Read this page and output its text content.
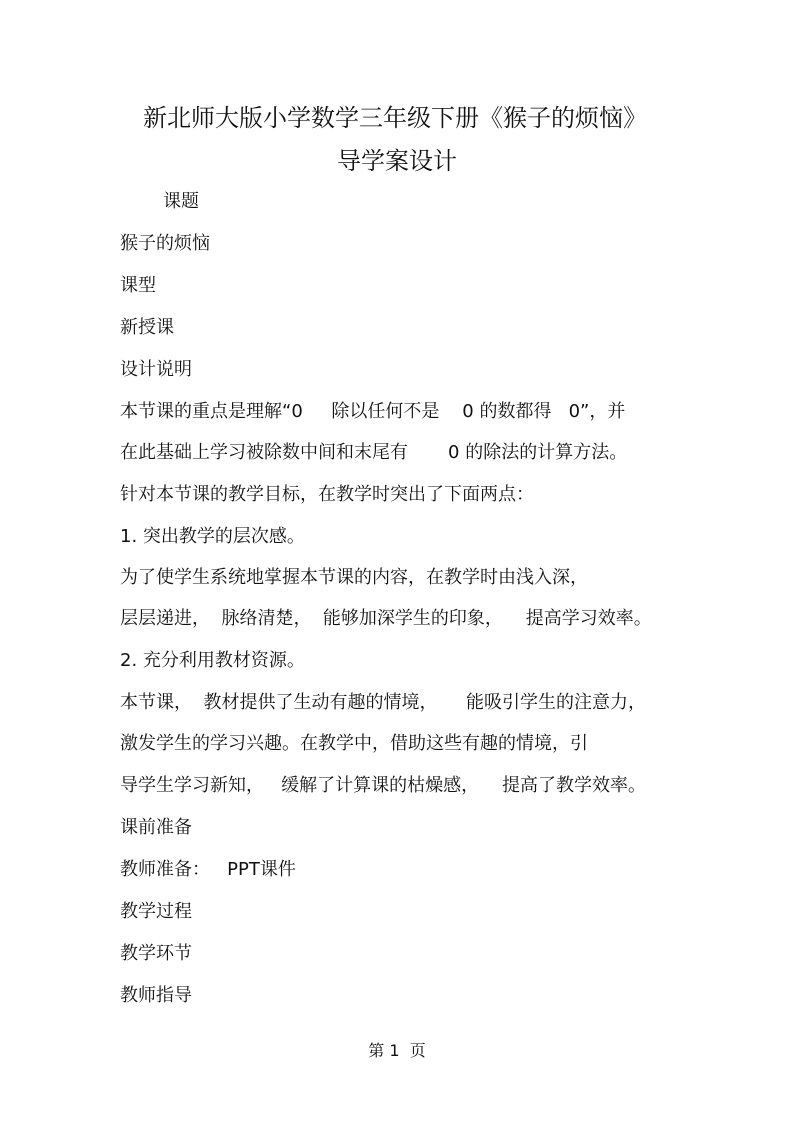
新北师大版小学数学三年级下册《猴子的烦恼》
导学案设计
课题
猴子的烦恼
课型
新授课
设计说明
本节课的重点是理解“0     除以任何不是    0 的数都得   0”，并
在此基础上学习被除数中间和末尾有       0 的除法的计算方法。
针对本节课的教学目标，在教学时突出了下面两点：
1. 突出教学的层次感。
为了使学生系统地掌握本节课的内容，在教学时由浅入深，
层层递进，  脉络清楚，  能够加深学生的印象，    提高学习效率。
2. 充分利用教材资源。
本节课，  教材提供了生动有趣的情境，     能吸引学生的注意力，
激发学生的学习兴趣。在教学中，借助这些有趣的情境，引
导学生学习新知，   缓解了计算课的枯燥感，    提高了教学效率。
课前准备
教师准备：   PPT课件
教学过程
教学环节
教师指导
第 1  页
